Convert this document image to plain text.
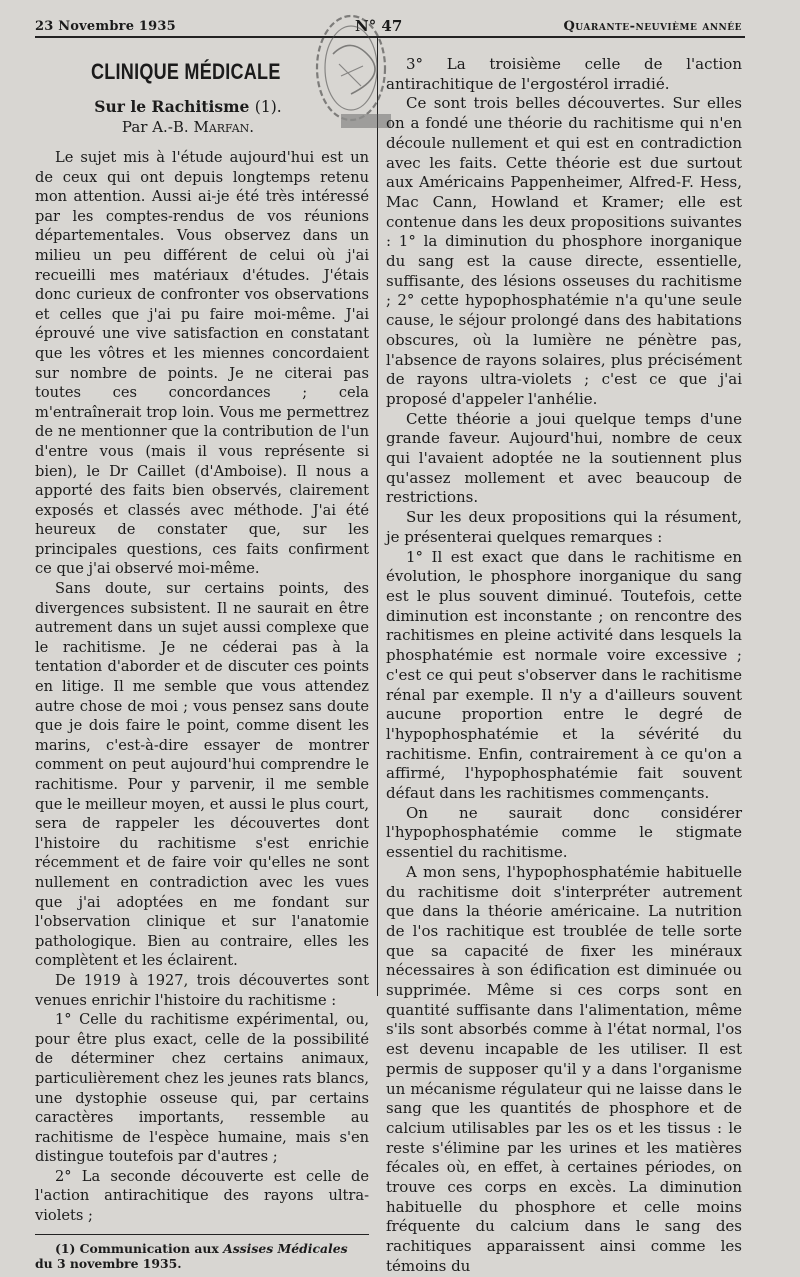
23 Novembre 1935	N° 47	Quarante-neuvième année
CLINIQUE MÉDICALE
Sur le Rachitisme (1).
Par A.-B. Marfan.

Le sujet mis à l'étude aujourd'hui est un de ceux qui ont depuis longtemps retenu mon attention. Aussi ai-je été très intéressé par les comptes-rendus de vos réunions départementales. Vous observez dans un milieu un peu différent de celui où j'ai recueilli mes matériaux d'études. J'étais donc curieux de confronter vos observations et celles que j'ai pu faire moi-même. J'ai éprouvé une vive satisfaction en constatant que les vôtres et les miennes concordaient sur nombre de points. Je ne citerai pas toutes ces concordances ; cela m'entraînerait trop loin. Vous me permettrez de ne mentionner que la contribution de l'un d'entre vous (mais il vous représente si bien), le Dr Caillet (d'Amboise). Il nous a apporté des faits bien observés, clairement exposés et classés avec méthode. J'ai été heureux de constater que, sur les principales questions, ces faits confirment ce que j'ai observé moi-même.

Sans doute, sur certains points, des divergences subsistent. Il ne saurait en être autrement dans un sujet aussi complexe que le rachitisme. Je ne céderai pas à la tentation d'aborder et de discuter ces points en litige. Il me semble que vous attendez autre chose de moi ; vous pensez sans doute que je dois faire le point, comme disent les marins, c'est-à-dire essayer de montrer comment on peut aujourd'hui comprendre le rachitisme. Pour y parvenir, il me semble que le meilleur moyen, et aussi le plus court, sera de rappeler les découvertes dont l'histoire du rachitisme s'est enrichie récemment et de faire voir qu'elles ne sont nullement en contradiction avec les vues que j'ai adoptées en me fondant sur l'observation clinique et sur l'anatomie pathologique. Bien au contraire, elles les complètent et les éclairent.

De 1919 à 1927, trois découvertes sont venues enrichir l'histoire du rachitisme :

1° Celle du rachitisme expérimental, ou, pour être plus exact, celle de la possibilité de déterminer chez certains animaux, particulièrement chez les jeunes rats blancs, une dystophie osseuse qui, par certains caractères importants, ressemble au rachitisme de l'espèce humaine, mais s'en distingue toutefois par d'autres ;

2° La seconde découverte est celle de l'action antirachitique des rayons ultra-violets ;

(1) Communication aux Assises Médicales du 3 novembre 1935.

3° La troisième celle de l'action antirachitique de l'ergostérol irradié.

Ce sont trois belles découvertes. Sur elles on a fondé une théorie du rachitisme qui n'en découle nullement et qui est en contradiction avec les faits. Cette théorie est due surtout aux Américains Pappenheimer, Alfred-F. Hess, Mac Cann, Howland et Kramer; elle est contenue dans les deux propositions suivantes : 1° la diminution du phosphore inorganique du sang est la cause directe, essentielle, suffisante, des lésions osseuses du rachitisme ; 2° cette hypophosphatémie n'a qu'une seule cause, le séjour prolongé dans des habitations obscures, où la lumière ne pénètre pas, l'absence de rayons solaires, plus précisément de rayons ultra-violets ; c'est ce que j'ai proposé d'appeler l'anhélie.

Cette théorie a joui quelque temps d'une grande faveur. Aujourd'hui, nombre de ceux qui l'avaient adoptée ne la soutiennent plus qu'assez mollement et avec beaucoup de restrictions.

Sur les deux propositions qui la résument, je présenterai quelques remarques :

1° Il est exact que dans le rachitisme en évolution, le phosphore inorganique du sang est le plus souvent diminué. Toutefois, cette diminution est inconstante ; on rencontre des rachitismes en pleine activité dans lesquels la phosphatémie est normale voire excessive ; c'est ce qui peut s'observer dans le rachitisme rénal par exemple. Il n'y a d'ailleurs souvent aucune proportion entre le degré de l'hypophosphatémie et la sévérité du rachitisme. Enfin, contrairement à ce qu'on a affirmé, l'hypophosphatémie fait souvent défaut dans les rachitismes commençants.

On ne saurait donc considérer l'hypophosphatémie comme le stigmate essentiel du rachitisme.

A mon sens, l'hypophosphatémie habituelle du rachitisme doit s'interpréter autrement que dans la théorie américaine. La nutrition de l'os rachitique est troublée de telle sorte que sa capacité de fixer les minéraux nécessaires à son édification est diminuée ou supprimée. Même si ces corps sont en quantité suffisante dans l'alimentation, même s'ils sont absorbés comme à l'état normal, l'os est devenu incapable de les utiliser. Il est permis de supposer qu'il y a dans l'organisme un mécanisme régulateur qui ne laisse dans le sang que les quantités de phosphore et de calcium utilisables par les os et les tissus : le reste s'élimine par les urines et les matières fécales où, en effet, à certaines périodes, on trouve ces corps en excès. La diminution habituelle du phosphore et celle moins fréquente du calcium dans le sang des rachitiques apparaissent ainsi comme les témoins du
